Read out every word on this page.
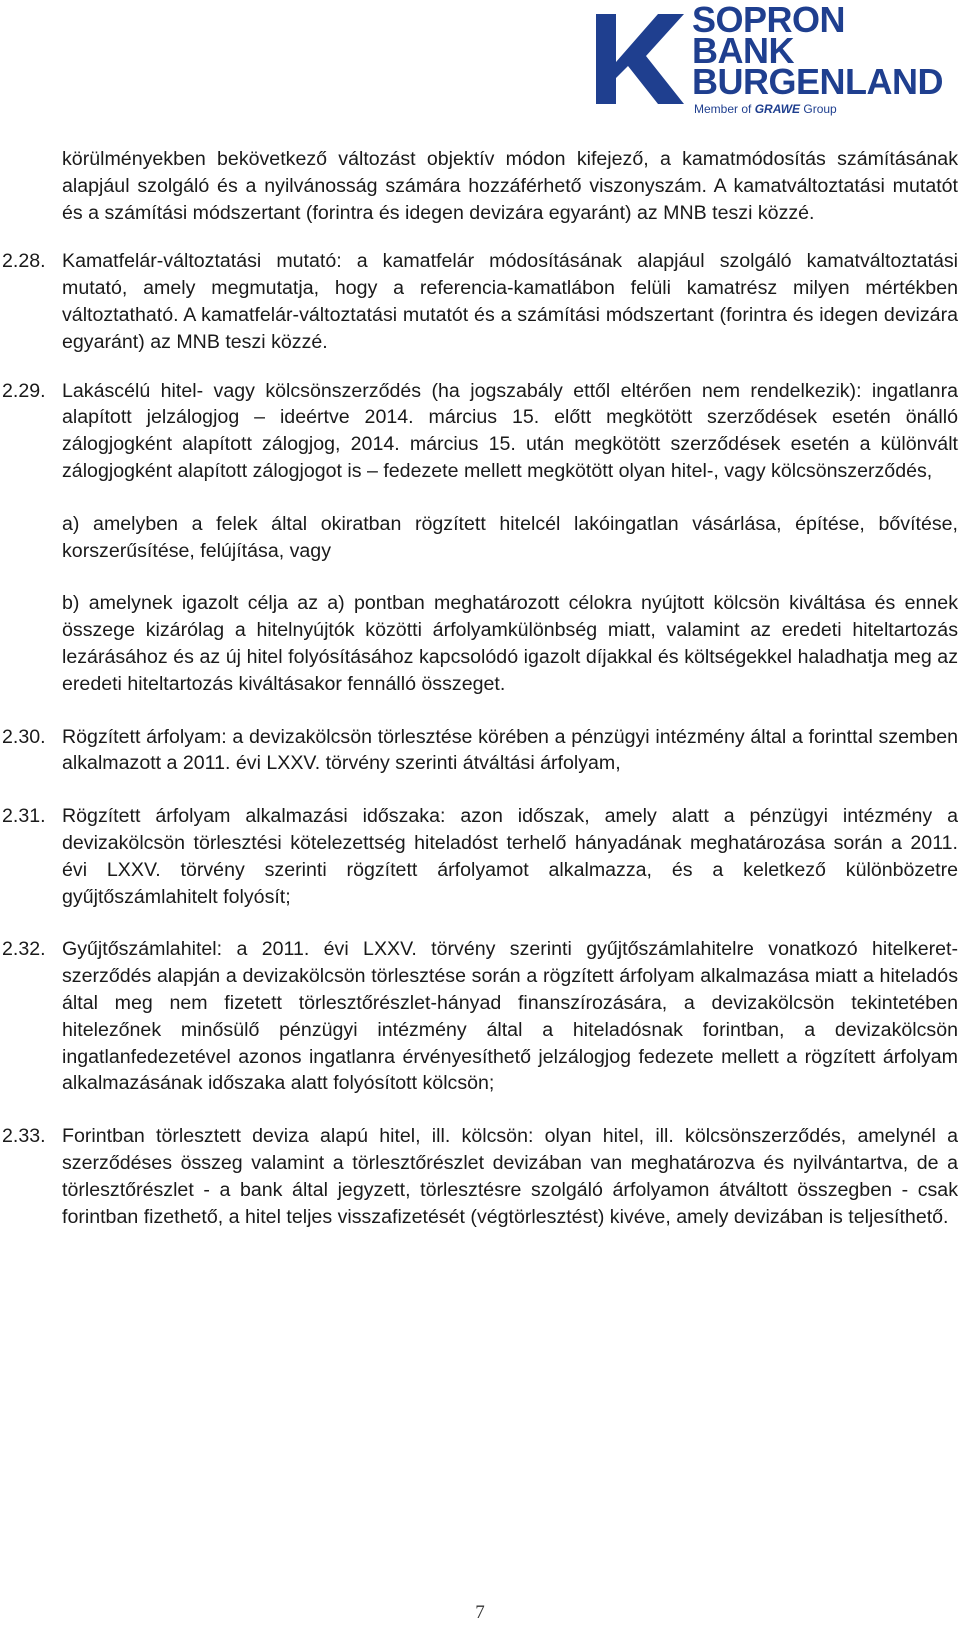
SOPRON
BANK
BURGENLAND
Member of GRAWE Group

körülményekben bekövetkező változást objektív módon kifejező, a kamatmódosítás számításának alapjául szolgáló és a nyilvánosság számára hozzáférhető viszonyszám. A kamatváltoztatási mutatót és a számítási módszertant (forintra és idegen devizára egyaránt) az MNB teszi közzé.

2.28. Kamatfelár-változtatási mutató: a kamatfelár módosításának alapjául szolgáló kamatváltoztatási mutató, amely megmutatja, hogy a referencia-kamatlábon felüli kamatrész milyen mértékben változtatható. A kamatfelár-változtatási mutatót és a számítási módszertant (forintra és idegen devizára egyaránt) az MNB teszi közzé.

2.29. Lakáscélú hitel- vagy kölcsönszerződés (ha jogszabály ettől eltérően nem rendelkezik): ingatlanra alapított jelzálogjog – ideértve 2014. március 15. előtt megkötött szerződések esetén önálló zálogjogként alapított zálogjog, 2014. március 15. után megkötött szerződések esetén a különvált zálogjogként alapított zálogjogot is – fedezete mellett megkötött olyan hitel-, vagy kölcsönszerződés,

a) amelyben a felek által okiratban rögzített hitelcél lakóingatlan vásárlása, építése, bővítése, korszerűsítése, felújítása, vagy

b) amelynek igazolt célja az a) pontban meghatározott célokra nyújtott kölcsön kiváltása és ennek összege kizárólag a hitelnyújtók közötti árfolyamkülönbség miatt, valamint az eredeti hiteltartozás lezárásához és az új hitel folyósításához kapcsolódó igazolt díjakkal és költségekkel haladhatja meg az eredeti hiteltartozás kiváltásakor fennálló összeget.

2.30. Rögzített árfolyam: a devizakölcsön törlesztése körében a pénzügyi intézmény által a forinttal szemben alkalmazott a 2011. évi LXXV. törvény szerinti átváltási árfolyam,

2.31. Rögzített árfolyam alkalmazási időszaka: azon időszak, amely alatt a pénzügyi intézmény a devizakölcsön törlesztési kötelezettség hiteladóst terhelő hányadának meghatározása során a 2011. évi LXXV. törvény szerinti rögzített árfolyamot alkalmazza, és a keletkező különbözetre gyűjtőszámlahitelt folyósít;

2.32. Gyűjtőszámlahitel: a 2011. évi LXXV. törvény szerinti gyűjtőszámlahitelre vonatkozó hitelkeret-szerződés alapján a devizakölcsön törlesztése során a rögzített árfolyam alkalmazása miatt a hiteladós által meg nem fizetett törlesztőrészlet-hányad finanszírozására, a devizakölcsön tekintetében hitelezőnek minősülő pénzügyi intézmény által a hiteladósnak forintban, a devizakölcsön ingatlanfedezetével azonos ingatlanra érvényesíthető jelzálogjog fedezete mellett a rögzített árfolyam alkalmazásának időszaka alatt folyósított kölcsön;

2.33. Forintban törlesztett deviza alapú hitel, ill. kölcsön: olyan hitel, ill. kölcsönszerződés, amelynél a szerződéses összeg valamint a törlesztőrészlet devizában van meghatározva és nyilvántartva, de a törlesztőrészlet - a bank által jegyzett, törlesztésre szolgáló árfolyamon átváltott összegben - csak forintban fizethető, a hitel teljes visszafizetését (végtörlesztést) kivéve, amely devizában is teljesíthető.

7
